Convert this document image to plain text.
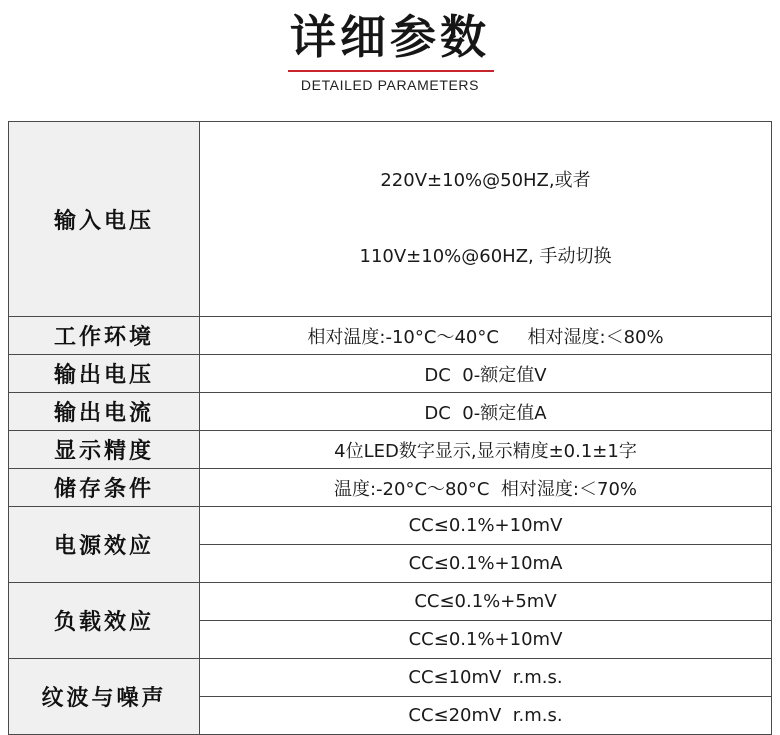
详细参数
DETAILED PARAMETERS
输入电压	220V±10%@50HZ,或者

110V±10%@60HZ, 手动切换

工作环境	相对温度:-10°C～40°C     相对湿度:＜80%
输出电压	DC  0-额定值V
输出电流	DC  0-额定值A
显示精度	4位LED数字显示,显示精度±0.1±1字
储存条件	温度:-20°C～80°C  相对湿度:＜70%
电源效应	CC≤0.1%+10mV
	CC≤0.1%+10mA
负载效应	CC≤0.1%+5mV
	CC≤0.1%+10mV
纹波与噪声	CC≤10mV  r.m.s.
	CC≤20mV  r.m.s.
